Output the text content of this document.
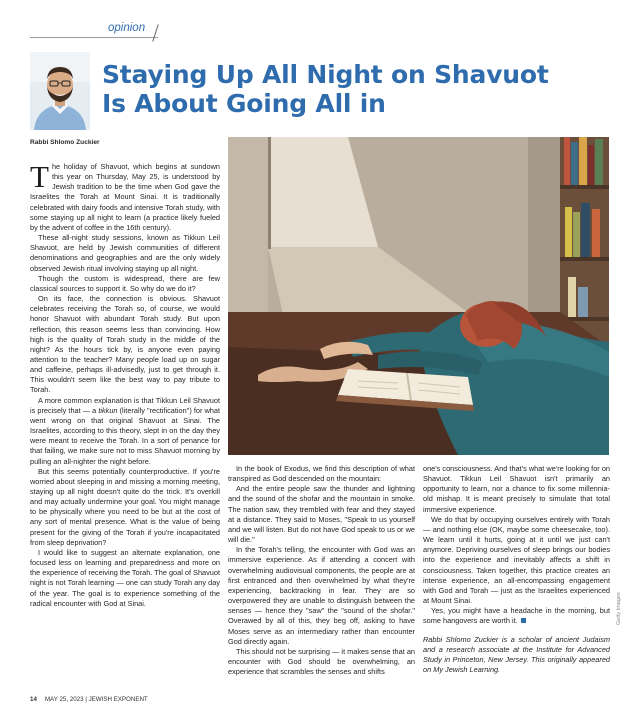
opinion
Staying Up All Night on Shavuot
Is About Going All in
Rabbi Shlomo Zuckier

The holiday of Shavuot, which begins at sundown this year on Thursday, May 25, is understood by Jewish tradition to be the time when God gave the Israelites the Torah at Mount Sinai. It is traditionally celebrated with dairy foods and intensive Torah study, with some staying up all night to learn (a practice likely fueled by the advent of coffee in the 16th century).

These all-night study sessions, known as Tikkun Leil Shavuot, are held by Jewish communities of different denominations and geographies and are the only widely observed Jewish ritual involving staying up all night.

Though the custom is widespread, there are few classical sources to support it. So why do we do it?

On its face, the connection is obvious. Shavuot celebrates receiving the Torah so, of course, we would honor Shavuot with abundant Torah study. But upon reflection, this reason seems less than convincing. How high is the quality of Torah study in the middle of the night? As the hours tick by, is anyone even paying attention to the teacher? Many people load up on sugar and caffeine, perhaps ill-advisedly, just to get through it. This wouldn't seem like the best way to pay tribute to Torah.

A more common explanation is that Tikkun Leil Shavuot is precisely that — a tikkun (literally "rectification") for what went wrong on that original Shavuot at Sinai. The Israelites, according to this theory, slept in on the day they were meant to receive the Torah. In a sort of penance for that failing, we make sure not to miss Shavuot morning by pulling an all-nighter the night before.

But this seems potentially counterproductive. If you're worried about sleeping in and missing a morning meeting, staying up all night doesn't quite do the trick. It's overkill and may actually undermine your goal. You might manage to be physically where you need to be but at the cost of any sort of mental presence. What is the value of being present for the giving of the Torah if you're incapacitated from sleep deprivation?

I would like to suggest an alternate explanation, one focused less on learning and preparedness and more on the experience of receiving the Torah. The goal of Shavuot night is not Torah learning — one can study Torah any day of the year. The goal is to experience something of the radical encounter with God at Sinai.	Getty Images

In the book of Exodus, we find this description of what transpired as God descended on the mountain:

And the entire people saw the thunder and lightning and the sound of the shofar and the mountain in smoke. The nation saw, they trembled with fear and they stayed at a distance. They said to Moses, "Speak to us yourself and we will listen. But do not have God speak to us or we will die."

In the Torah's telling, the encounter with God was an immersive experience. As if attending a concert with overwhelming audiovisual components, the people are at first entranced and then overwhelmed by what they're experiencing, backtracking in fear. They are so overpowered they are unable to distinguish between the senses — hence they "saw" the "sound of the shofar." Overawed by all of this, they beg off, asking to have Moses serve as an intermediary rather than encounter God directly again.

This should not be surprising — it makes sense that an encounter with God should be overwhelming, an experience that scrambles the senses and shifts

one's consciousness. And that's what we're looking for on Shavuot. Tikkun Leil Shavuot isn't primarily an opportunity to learn, nor a chance to fix some millennia-old mishap. It is meant precisely to simulate that total immersive experience.

We do that by occupying ourselves entirely with Torah — and nothing else (OK, maybe some cheesecake, too). We learn until it hurts, going at it until we just can't anymore. Depriving ourselves of sleep brings our bodies into the experience and inevitably affects a shift in consciousness. Taken together, this practice creates an intense experience, an all-encompassing engagement with God and Torah — just as the Israelites experienced at Mount Sinai.

Yes, you might have a headache in the morning, but some hangovers are worth it.

Rabbi Shlomo Zuckier is a scholar of ancient Judaism and a research associate at the Institute for Advanced Study in Princeton, New Jersey. This originally appeared on My Jewish Learning.

14 MAY 25, 2023 | JEWISH EXPONENT
